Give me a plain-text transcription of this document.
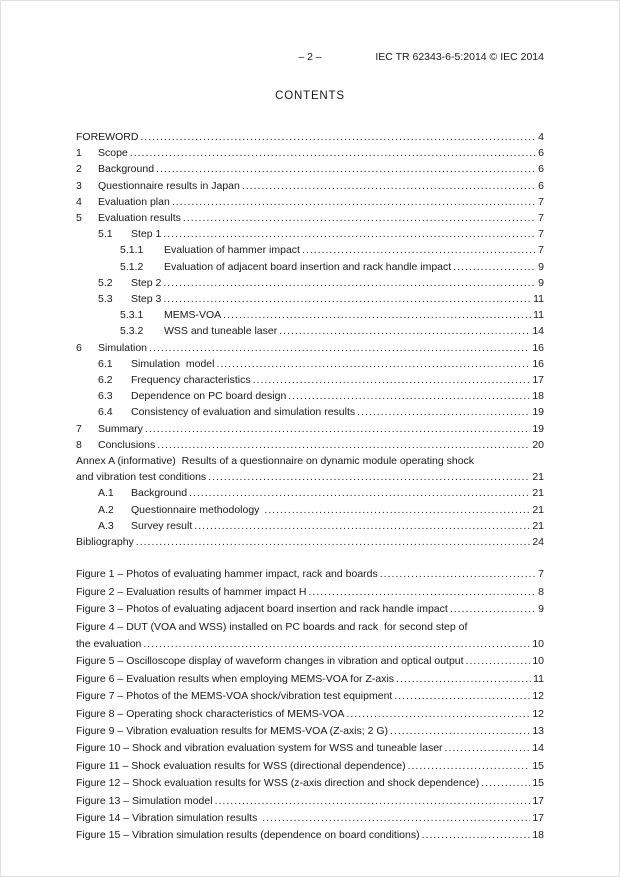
– 2 –	IEC TR 62343-6-5:2014 © IEC 2014
CONTENTS
FOREWORD .....	4
1	Scope .....	6
2	Background .....	6
3	Questionnaire results in Japan .....	6
4	Evaluation plan .....	7
5	Evaluation results .....	7
5.1	Step 1 .....	7
5.1.1	Evaluation of hammer impact .....	7
5.1.2	Evaluation of adjacent board insertion and rack handle impact .....	9
5.2	Step 2 .....	9
5.3	Step 3 .....	11
5.3.1	MEMS-VOA .....	11
5.3.2	WSS and tuneable laser .....	14
6	Simulation .....	16
6.1	Simulation  model .....	16
6.2	Frequency characteristics .....	17
6.3	Dependence on PC board design .....	18
6.4	Consistency of evaluation and simulation results .....	19
7	Summary .....	19
8	Conclusions .....	20
Annex A (informative)  Results of a questionnaire on dynamic module operating shock
and vibration test conditions .....	21
A.1	Background .....	21
A.2	Questionnaire methodology .....	21
A.3	Survey result .....	21
Bibliography .....	24
Figure 1 – Photos of evaluating hammer impact, rack and boards .....	7
Figure 2 – Evaluation results of hammer impact H .....	8
Figure 3 – Photos of evaluating adjacent board insertion and rack handle impact .....	9
Figure 4 – DUT (VOA and WSS) installed on PC boards and rack  for second step of
the evaluation .....	10
Figure 5 – Oscilloscope display of waveform changes in vibration and optical output .....	10
Figure 6 – Evaluation results when employing MEMS-VOA for Z-axis .....	11
Figure 7 – Photos of the MEMS-VOA shock/vibration test equipment .....	12
Figure 8 – Operating shock characteristics of MEMS-VOA .....	12
Figure 9 – Vibration evaluation results for MEMS-VOA (Z-axis; 2 G) .....	13
Figure 10 – Shock and vibration evaluation system for WSS and tuneable laser .....	14
Figure 11 – Shock evaluation results for WSS (directional dependence) .....	15
Figure 12 – Shock evaluation results for WSS (z-axis direction and shock dependence) .....	15
Figure 13 – Simulation model .....	17
Figure 14 – Vibration simulation results .....	17
Figure 15 – Vibration simulation results (dependence on board conditions) .....	18
